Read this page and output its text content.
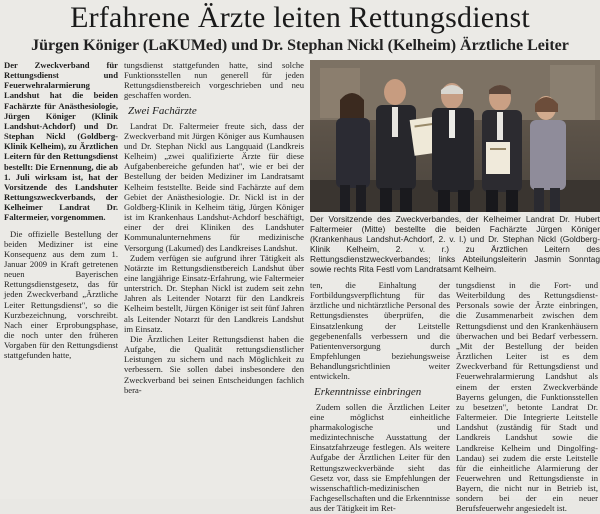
Erfahrene Ärzte leiten Rettungsdienst
Jürgen Königer (LaKUMed) und Dr. Stephan Nickl (Kelheim) Ärztliche Leiter

Der Zweckverband für Rettungsdienst und Feuerwehralarmierung Landshut hat die beiden Fachärzte für Anästhesiologie, Jürgen Königer (Klinik Landshut-Achdorf) und Dr. Stephan Nickl (Goldberg-Klinik Kelheim), zu Ärztlichen Leitern für den Rettungsdienst bestellt: Die Ernennung, die ab 1. Juli wirksam ist, hat der Vorsitzende des Landshuter Rettungszweckverbands, der Kelheimer Landrat Dr. Faltermeier, vorgenommen.

Die offizielle Bestellung der beiden Mediziner ist eine Konsequenz aus dem zum 1. Januar 2009 in Kraft getretenen neuen Bayerischen Rettungsdienstgesetz, das für jeden Zweckverband „Ärztliche Leiter Rettungsdienst", so die Kurzbezeichnung, vorschreibt. Nach einer Erprobungsphase, die noch unter den früheren Vorgaben für den Rettungsdienst stattgefunden hatte,

tungsdienst stattgefunden hatte, sind solche Funktionsstellen nun generell für jeden Rettungsdienstbereich vorgeschrieben und neu geschaffen worden.

Zwei Fachärzte

Landrat Dr. Faltermeier freute sich, dass der Zweckverband mit Jürgen Königer aus Kumhausen und Dr. Stephan Nickl aus Langquaid (Landkreis Kelheim) „zwei qualifizierte Ärzte für diese Aufgabenbereiche gefunden hat", wie er bei der Bestellung der beiden Mediziner im Landratsamt Kelheim feststellte. Beide sind Fachärzte auf dem Gebiet der Anästhesiologie. Dr. Nickl ist in der Goldberg-Klinik in Kelheim tätig, Jürgen Königer ist im Krankenhaus Landshut-Achdorf beschäftigt, einer der drei Kliniken des Landshuter Kommunalunternehmens für medizinische Versorgung (Lakumed) des Landkreises Landshut.

Zudem verfügen sie aufgrund ihrer Tätigkeit als Notärzte im Rettungsdienstbereich Landshut über eine langjährige Einsatz-Erfahrung, wie Faltermeier unterstrich. Dr. Stephan Nickl ist zudem seit zehn Jahren als Leitender Notarzt für den Landkreis Kelheim bestellt, Jürgen Königer ist seit fünf Jahren als Leitender Notarzt für den Landkreis Landshut im Einsatz.

Die Ärztlichen Leiter Rettungsdienst haben die Aufgabe, die Qualität rettungsdienstlicher Leistungen zu sichern und nach Möglichkeit zu verbessern. Sie sollen dabei insbesondere den Zweckverband bei seinen Entscheidungen fachlich bera-

Der Vorsitzende des Zweckverbandes, der Kelheimer Landrat Dr. Hubert Faltermeier (Mitte) bestellte die beiden Fachärzte Jürgen Königer (Krankenhaus Landshut-Achdorf, 2. v. l.) und Dr. Stephan Nickl (Goldberg-Klinik Kelheim, 2. v. r.) zu Ärztlichen Leitern des Rettungsdienstzweckverbandes; links Abteilungsleiterin Jasmin Sonntag sowie rechts Rita Festl vom Landratsamt Kelheim.

ten, die Einhaltung der Fortbildungsverpflichtung für das ärztliche und nichtärztliche Personal des Rettungsdienstes überprüfen, die Einsatzlenkung der Leitstelle gegebenenfalls verbessern und die Patientenversorgung durch Empfehlungen beziehungsweise Behandlungsrichtlinien weiter entwickeln.

Erkenntnisse einbringen

Zudem sollen die Ärztlichen Leiter eine möglichst einheitliche pharmakologische und medizintechnische Ausstattung der Einsatzfahrzeuge festlegen. Als weitere Aufgabe der Ärztlichen Leiter für den Rettungszweckverbände sieht das Gesetz vor, dass sie Empfehlungen der wissenschaftlich-medizinischen Fachgesellschaften und die Erkenntnisse aus der Tätigkeit im Ret-

tungsdienst in die Fort- und Weiterbildung des Rettungsdienst-Personals sowie der Ärzte einbringen, die Zusammenarbeit zwischen dem Rettungsdienst und den Krankenhäusern überwachen und bei Bedarf verbessern. „Mit der Bestellung der beiden Ärztlichen Leiter ist es dem Zweckverband für Rettungsdienst und Feuerwehralarmierung Landshut als einem der ersten Zweckverbände Bayerns gelungen, die Funktionsstellen zu besetzen", betonte Landrat Dr. Faltermeier. Die Integrierte Leitstelle Landshut (zuständig für Stadt und Landkreis Landshut sowie die Landkreise Kelheim und Dingolfing-Landau) sei zudem die erste Leitstelle für die einheitliche Alarmierung der Feuerwehren und Rettungsdienste in Bayern, die nicht nur in Betrieb ist, sondern bei der ein neuer Berufsfeuerwehr angesiedelt ist.
